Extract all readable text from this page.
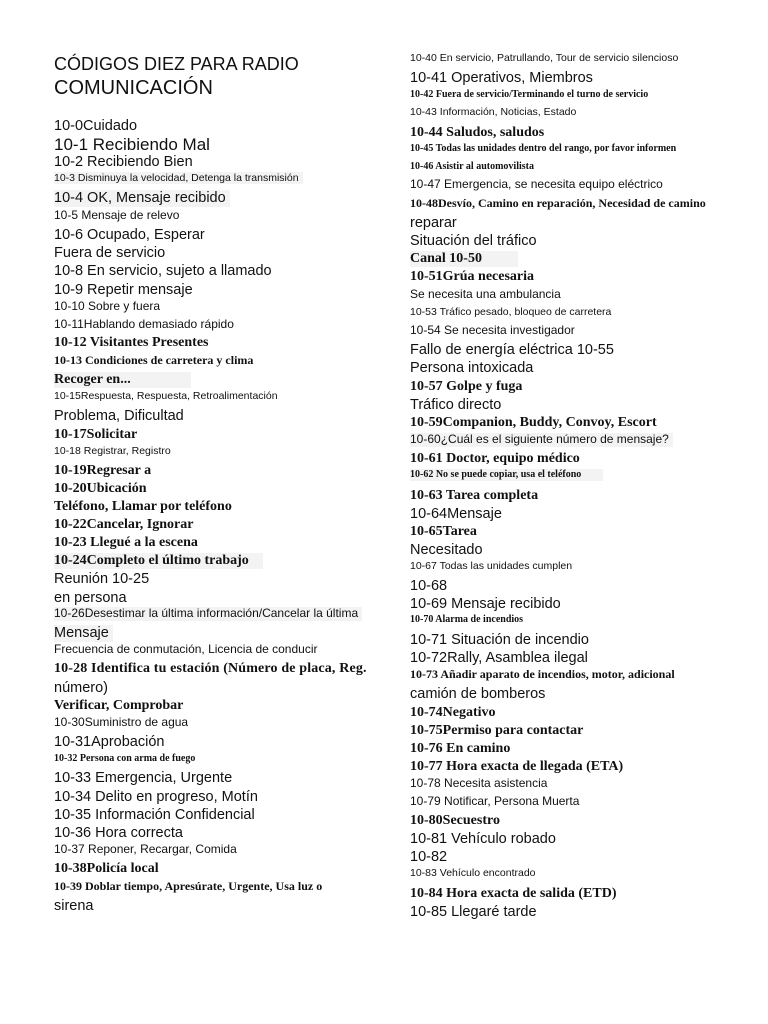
CÓDIGOS DIEZ PARA RADIO
COMUNICACIÓN
10-0Cuidado
10-1 Recibiendo Mal
10-2 Recibiendo Bien
10-3 Disminuya la velocidad, Detenga la transmisión
10-4 OK, Mensaje recibido
10-5 Mensaje de relevo
10-6 Ocupado, Esperar
Fuera de servicio
10-8 En servicio, sujeto a llamado
10-9 Repetir mensaje
10-10 Sobre y fuera
10-11Hablando demasiado rápido
10-12 Visitantes Presentes
10-13 Condiciones de carretera y clima
Recoger en...
10-15Respuesta, Respuesta, Retroalimentación
Problema, Dificultad
10-17Solicitar
10-18 Registrar, Registro
10-19Regresar a
10-20Ubicación
Teléfono, Llamar por teléfono
10-22Cancelar, Ignorar
10-23 Llegué a la escena
10-24Completo el último trabajo
Reunión 10-25
en persona
10-26Desestimar la última información/Cancelar la última
Mensaje
Frecuencia de conmutación, Licencia de conducir
10-28 Identifica tu estación (Número de placa, Reg.
número)
Verificar, Comprobar
10-30Suministro de agua
10-31Aprobación
10-32 Persona con arma de fuego
10-33 Emergencia, Urgente
10-34 Delito en progreso, Motín
10-35 Información Confidencial
10-36 Hora correcta
10-37 Reponer, Recargar, Comida
10-38Policía local
10-39 Doblar tiempo, Apresúrate, Urgente, Usa luz o
sirena
10-40 En servicio, Patrullando, Tour de servicio silencioso
10-41 Operativos, Miembros
10-42 Fuera de servicio/Terminando el turno de servicio
10-43 Información, Noticias, Estado
10-44 Saludos, saludos
10-45 Todas las unidades dentro del rango, por favor informen
10-46 Asistir al automovilista
10-47 Emergencia, se necesita equipo eléctrico
10-48Desvío, Camino en reparación, Necesidad de camino
reparar
Situación del tráfico
Canal 10-50
10-51Grúa necesaria
Se necesita una ambulancia
10-53 Tráfico pesado, bloqueo de carretera
10-54 Se necesita investigador
Fallo de energía eléctrica 10-55
Persona intoxicada
10-57 Golpe y fuga
Tráfico directo
10-59Companion, Buddy, Convoy, Escort
10-60¿Cuál es el siguiente número de mensaje?
10-61 Doctor, equipo médico
10-62 No se puede copiar, usa el teléfono
10-63 Tarea completa
10-64Mensaje
10-65Tarea
Necesitado
10-67 Todas las unidades cumplen
10-68
10-69 Mensaje recibido
10-70 Alarma de incendios
10-71 Situación de incendio
10-72Rally, Asamblea ilegal
10-73 Añadir aparato de incendios, motor, adicional
camión de bomberos
10-74Negativo
10-75Permiso para contactar
10-76 En camino
10-77 Hora exacta de llegada (ETA)
10-78 Necesita asistencia
10-79 Notificar, Persona Muerta
10-80Secuestro
10-81 Vehículo robado
10-82
10-83 Vehículo encontrado
10-84 Hora exacta de salida (ETD)
10-85 Llegaré tarde
